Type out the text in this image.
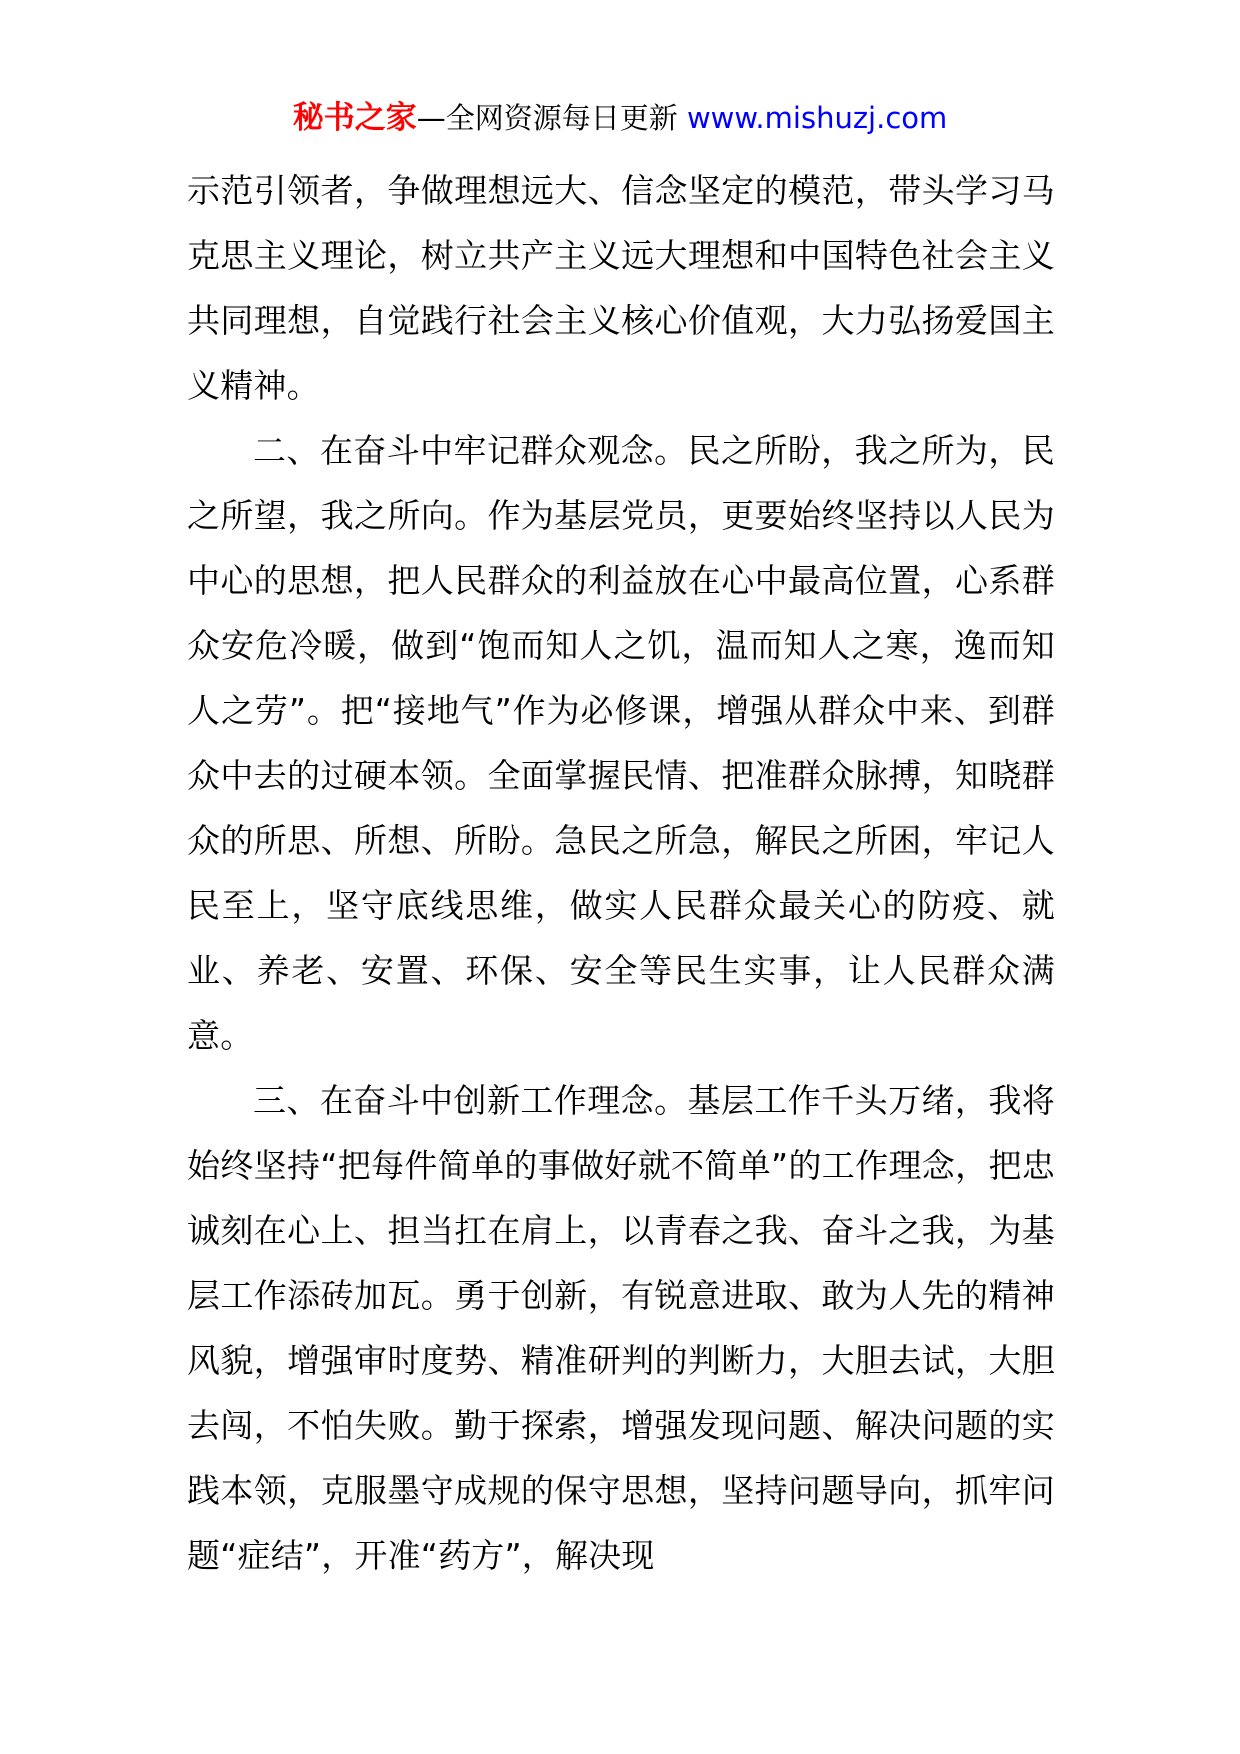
秘书之家—全网资源每日更新 www.mishuzj.com

示范引领者，争做理想远大、信念坚定的模范，带头学习马克思主义理论，树立共产主义远大理想和中国特色社会主义共同理想，自觉践行社会主义核心价值观，大力弘扬爱国主义精神。

二、在奋斗中牢记群众观念。民之所盼，我之所为，民之所望，我之所向。作为基层党员，更要始终坚持以人民为中心的思想，把人民群众的利益放在心中最高位置，心系群众安危冷暖，做到“饱而知人之饥，温而知人之寒，逸而知人之劳”。把“接地气”作为必修课，增强从群众中来、到群众中去的过硬本领。全面掌握民情、把准群众脉搏，知晓群众的所思、所想、所盼。急民之所急，解民之所困，牢记人民至上，坚守底线思维，做实人民群众最关心的防疫、就业、养老、安置、环保、安全等民生实事，让人民群众满意。

三、在奋斗中创新工作理念。基层工作千头万绪，我将始终坚持“把每件简单的事做好就不简单”的工作理念，把忠诚刻在心上、担当扛在肩上，以青春之我、奋斗之我，为基层工作添砖加瓦。勇于创新，有锐意进取、敢为人先的精神风貌，增强审时度势、精准研判的判断力，大胆去试，大胆去闯，不怕失败。勤于探索，增强发现问题、解决问题的实践本领，克服墨守成规的保守思想，坚持问题导向，抓牢问题“症结”，开准“药方”，解决现
